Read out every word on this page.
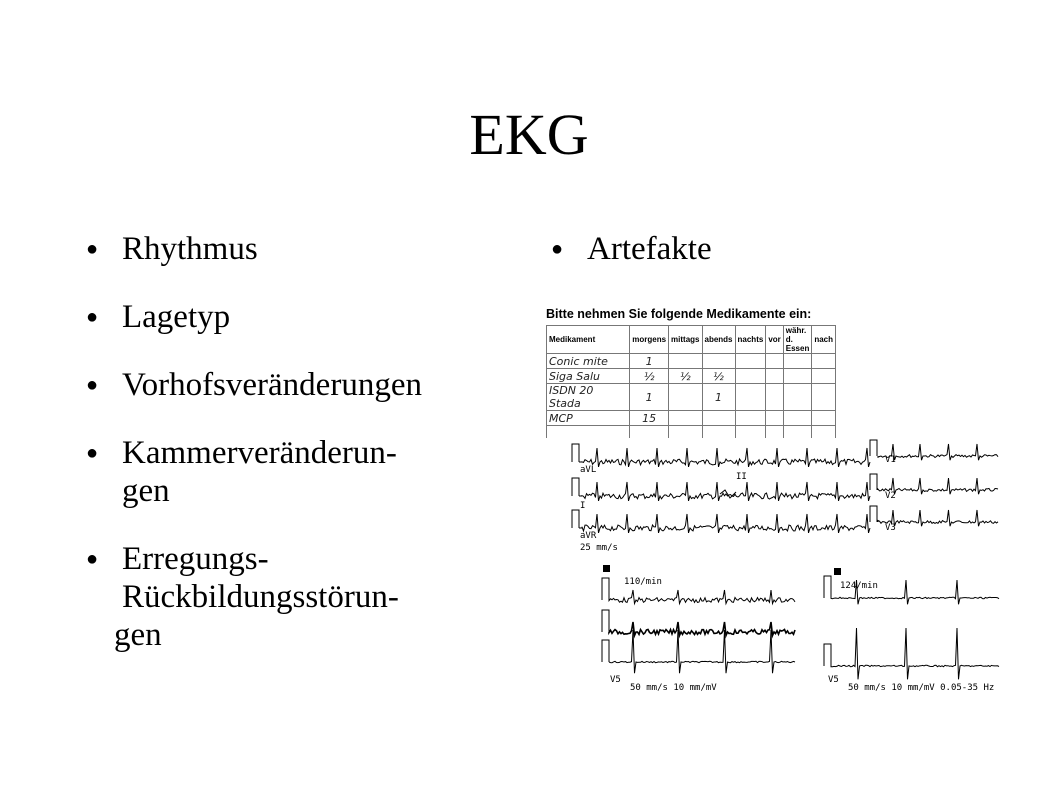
EKG
● Rhythmus
● Lagetyp
● Vorhofsveränderungen
● Kammerveränderun-
gen
● Erregungs-
Rückbildungsstörun-

gen
● Artefakte
Bitte nehmen Sie folgende Medikamente ein:
Medikament	morgens	mittags	abends	nachts	vor	währ. d. Essen	nach
Conic mite	1						
Siga Salu	½	½	½				
ISDN 20 Stada	1		1				
MCP	15						

aVL
I
aVR
II
V1
V2
V3
25 mm/s
110/min
V5
50 mm/s 10 mm/mV
124/min
V5
50 mm/s 10 mm/mV 0.05-35 Hz
